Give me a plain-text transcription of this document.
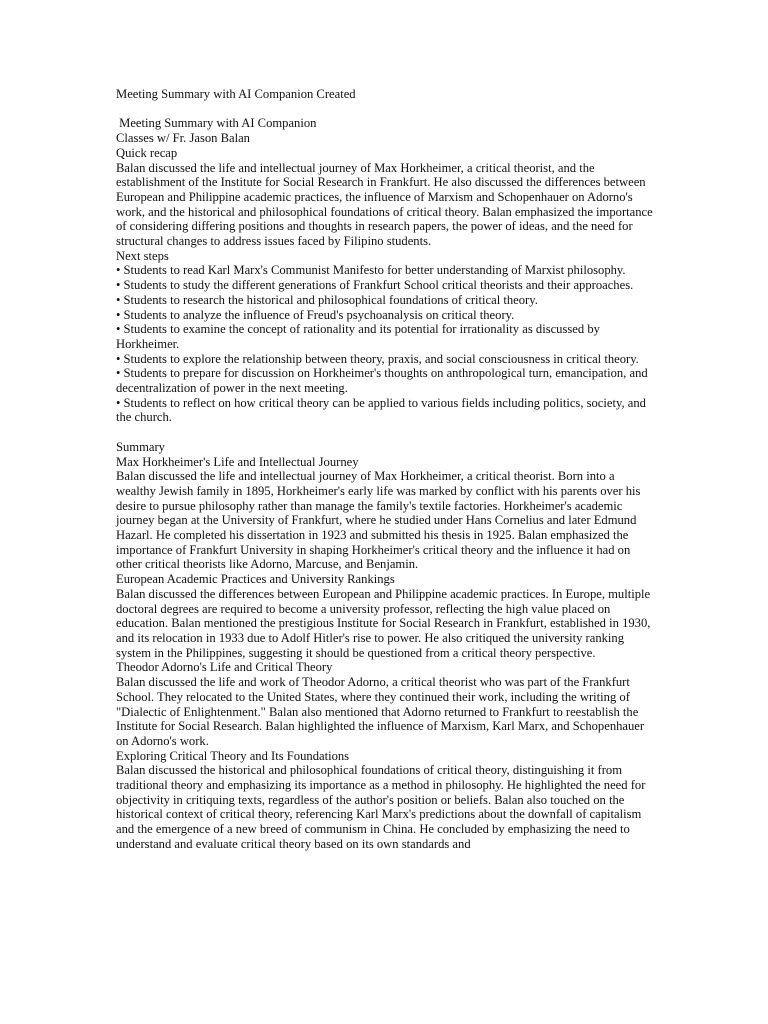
Meeting Summary with AI Companion Created
Meeting Summary with AI Companion
Classes w/ Fr. Jason Balan
Quick recap
Balan discussed the life and intellectual journey of Max Horkheimer, a critical theorist, and the establishment of the Institute for Social Research in Frankfurt. He also discussed the differences between European and Philippine academic practices, the influence of Marxism and Schopenhauer on Adorno's work, and the historical and philosophical foundations of critical theory. Balan emphasized the importance of considering differing positions and thoughts in research papers, the power of ideas, and the need for structural changes to address issues faced by Filipino students.
Next steps
• Students to read Karl Marx's Communist Manifesto for better understanding of Marxist philosophy.
• Students to study the different generations of Frankfurt School critical theorists and their approaches.
• Students to research the historical and philosophical foundations of critical theory.
• Students to analyze the influence of Freud's psychoanalysis on critical theory.
• Students to examine the concept of rationality and its potential for irrationality as discussed by Horkheimer.
• Students to explore the relationship between theory, praxis, and social consciousness in critical theory.
• Students to prepare for discussion on Horkheimer's thoughts on anthropological turn, emancipation, and decentralization of power in the next meeting.
• Students to reflect on how critical theory can be applied to various fields including politics, society, and the church.
Summary
Max Horkheimer's Life and Intellectual Journey
Balan discussed the life and intellectual journey of Max Horkheimer, a critical theorist. Born into a wealthy Jewish family in 1895, Horkheimer's early life was marked by conflict with his parents over his desire to pursue philosophy rather than manage the family's textile factories. Horkheimer's academic journey began at the University of Frankfurt, where he studied under Hans Cornelius and later Edmund Hazarl. He completed his dissertation in 1923 and submitted his thesis in 1925. Balan emphasized the importance of Frankfurt University in shaping Horkheimer's critical theory and the influence it had on other critical theorists like Adorno, Marcuse, and Benjamin.
European Academic Practices and University Rankings
Balan discussed the differences between European and Philippine academic practices. In Europe, multiple doctoral degrees are required to become a university professor, reflecting the high value placed on education. Balan mentioned the prestigious Institute for Social Research in Frankfurt, established in 1930, and its relocation in 1933 due to Adolf Hitler's rise to power. He also critiqued the university ranking system in the Philippines, suggesting it should be questioned from a critical theory perspective.
Theodor Adorno's Life and Critical Theory
Balan discussed the life and work of Theodor Adorno, a critical theorist who was part of the Frankfurt School. They relocated to the United States, where they continued their work, including the writing of "Dialectic of Enlightenment." Balan also mentioned that Adorno returned to Frankfurt to reestablish the Institute for Social Research. Balan highlighted the influence of Marxism, Karl Marx, and Schopenhauer on Adorno's work.
Exploring Critical Theory and Its Foundations
Balan discussed the historical and philosophical foundations of critical theory, distinguishing it from traditional theory and emphasizing its importance as a method in philosophy. He highlighted the need for objectivity in critiquing texts, regardless of the author's position or beliefs. Balan also touched on the historical context of critical theory, referencing Karl Marx's predictions about the downfall of capitalism and the emergence of a new breed of communism in China. He concluded by emphasizing the need to understand and evaluate critical theory based on its own standards and
